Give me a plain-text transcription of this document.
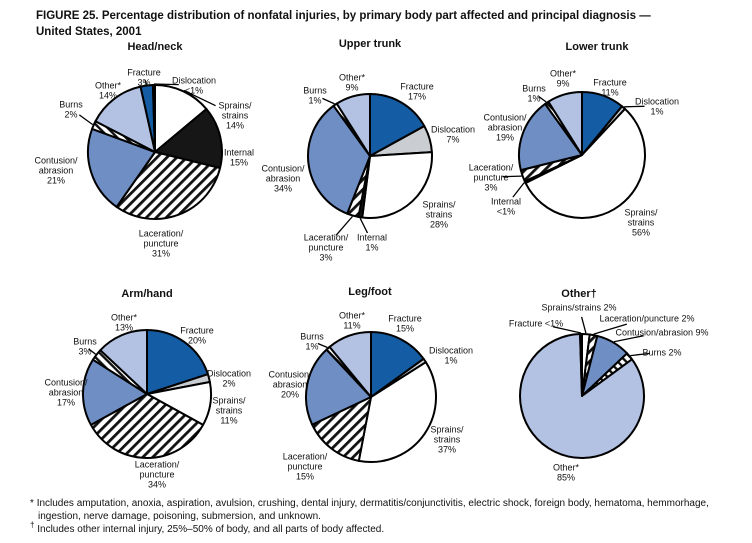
FIGURE 25. Percentage distribution of nonfatal injuries, by primary body part affected and principal diagnosis —
United States, 2001
Head/neck
Fracture 3%	Dislocation <1%
Sprains/ strains 14%
Internal 15%
Laceration/ puncture 31%
Contusion/ abrasion 21%
Burns 2%
Other* 14%
Upper trunk
Fracture 17%
Dislocation 7%
Sprains/ strains 28%
Internal 1%
Laceration/ puncture 3%
Contusion/ abrasion 34%
Burns 1%
Other* 9%
Lower trunk
Fracture 11%
Dislocation 1%
Sprains/ strains 56%
Internal <1%
Laceration/ puncture 3%
Contusion/ abrasion 19%
Burns 1%
Other* 9%
Arm/hand
Fracture 20%
Dislocation 2%
Sprains/ strains 11%
Laceration/ puncture 34%
Contusion/ abrasion 17%
Burns 3%
Other* 13%
Leg/foot
Fracture 15%
Dislocation 1%
Sprains/ strains 37%
Laceration/ puncture 15%
Contusion/ abrasion 20%
Burns 1%
Other* 11%
Other†
Sprains/strains 2%
Laceration/puncture 2%
Contusion/abrasion 9%
Burns 2%
Other* 85%
Fracture <1%
* Includes amputation, anoxia, aspiration, avulsion, crushing, dental injury, dermatitis/conjunctivitis, electric shock, foreign body, hematoma, hemmorhage, ingestion, nerve damage, poisoning, submersion, and unknown.
† Includes other internal injury, 25%–50% of body, and all parts of body affected.
